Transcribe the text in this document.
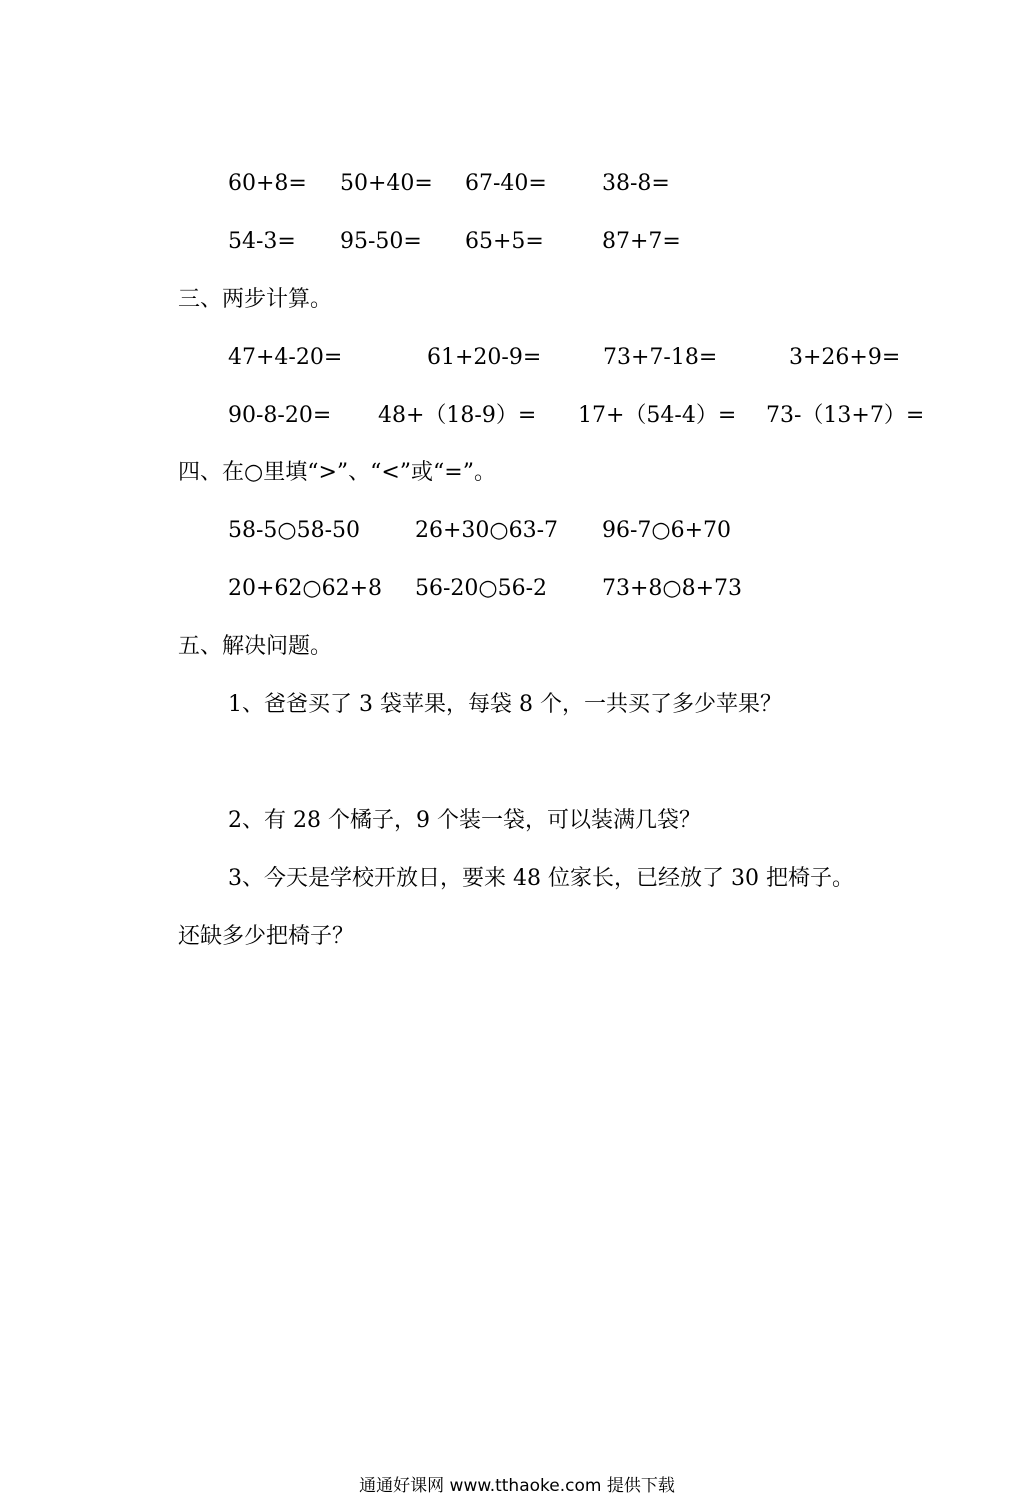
60+8= 50+40= 67-40=	38-8=
54-3= 95-50= 65+5=	87+7=
三、两步计算。
47+4-20=	61+20-9=	73+7-18=	3+26+9=
90-8-20= 48+（18-9）= 17+（54-4）= 73-（13+7）=
四、在○里填“>”、“<”或“=”。
58-5○58-50 26+30○63-7 96-7○6+70
20+62○62+8 56-20○56-2 73+8○8+73
五、解决问题。
1、爸爸买了 3 袋苹果，每袋 8 个，一共买了多少苹果？
2、有 28 个橘子，9 个装一袋，可以装满几袋？
3、今天是学校开放日，要来 48 位家长，已经放了 30 把椅子。
还缺多少把椅子？
通通好课网 www.tthaoke.com 提供下载
